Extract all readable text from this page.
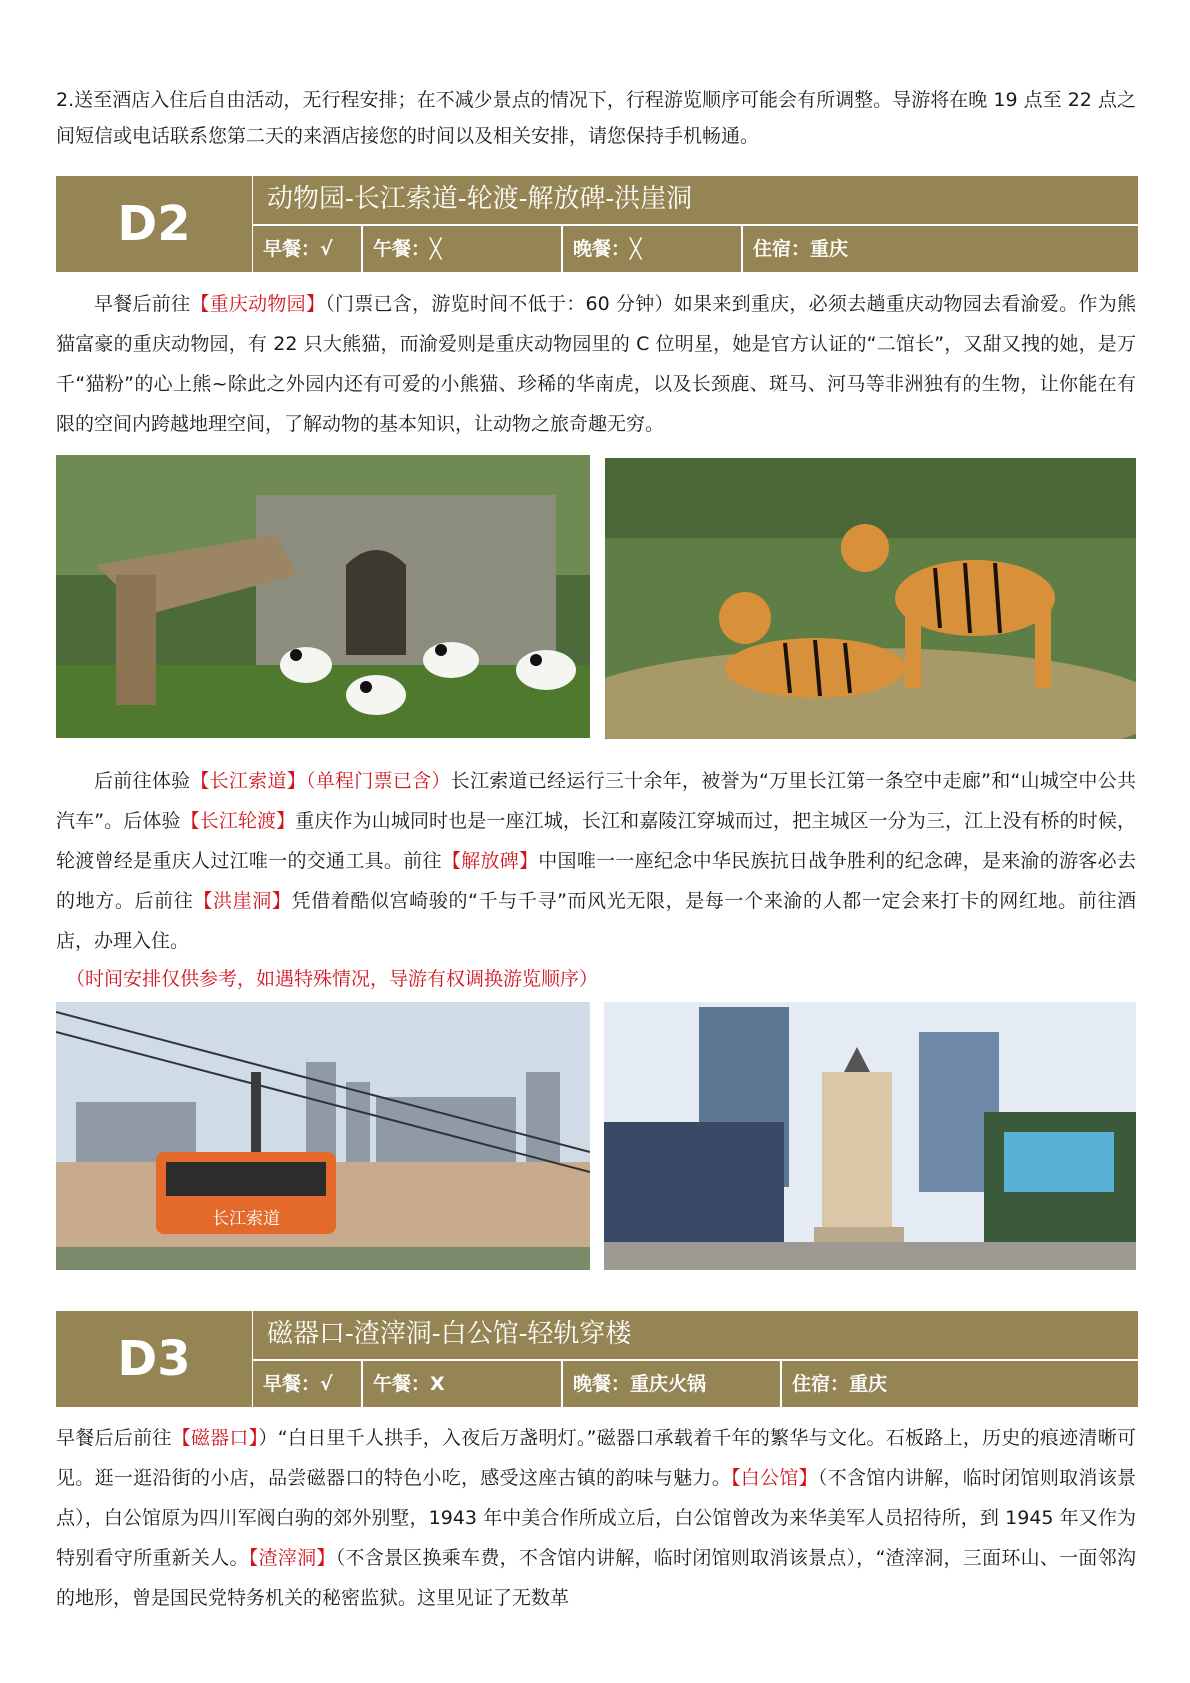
2.送至酒店入住后自由活动，无行程安排；在不减少景点的情况下，行程游览顺序可能会有所调整。导游将在晚 19 点至 22 点之间短信或电话联系您第二天的来酒店接您的时间以及相关安排，请您保持手机畅通。

D2	动物园-长江索道-轮渡-解放碑-洪崖洞
早餐：√	午餐：╳	晚餐：╳	住宿：重庆

早餐后前往【重庆动物园】（门票已含，游览时间不低于：60 分钟）如果来到重庆，必须去趟重庆动物园去看渝爱。作为熊猫富豪的重庆动物园，有 22 只大熊猫，而渝爱则是重庆动物园里的 C 位明星，她是官方认证的“二馆长”，又甜又拽的她，是万千“猫粉”的心上熊~除此之外园内还有可爱的小熊猫、珍稀的华南虎，以及长颈鹿、斑马、河马等非洲独有的生物，让你能在有限的空间内跨越地理空间，了解动物的基本知识，让动物之旅奇趣无穷。

后前往体验【长江索道】（单程门票已含）长江索道已经运行三十余年，被誉为“万里长江第一条空中走廊”和“山城空中公共汽车”。后体验【长江轮渡】重庆作为山城同时也是一座江城，长江和嘉陵江穿城而过，把主城区一分为三，江上没有桥的时候，轮渡曾经是重庆人过江唯一的交通工具。前往【解放碑】中国唯一一座纪念中华民族抗日战争胜利的纪念碑，是来渝的游客必去的地方。后前往【洪崖洞】凭借着酷似宫崎骏的“千与千寻”而风光无限，是每一个来渝的人都一定会来打卡的网红地。前往酒店，办理入住。

（时间安排仅供参考，如遇特殊情况，导游有权调换游览顺序）
长江索道
D3	磁器口-渣滓洞-白公馆-轻轨穿楼
早餐：√	午餐：X	晚餐：重庆火锅	住宿：重庆

早餐后后前往【磁器口】）“白日里千人拱手，入夜后万盏明灯。”磁器口承载着千年的繁华与文化。石板路上，历史的痕迹清晰可见。逛一逛沿街的小店，品尝磁器口的特色小吃，感受这座古镇的韵味与魅力。【白公馆】（不含馆内讲解，临时闭馆则取消该景点），白公馆原为四川军阀白驹的郊外别墅，1943 年中美合作所成立后，白公馆曾改为来华美军人员招待所，到 1945 年又作为特别看守所重新关人。【渣滓洞】（不含景区换乘车费，不含馆内讲解，临时闭馆则取消该景点），“渣滓洞，三面环山、一面邻沟的地形，曾是国民党特务机关的秘密监狱。这里见证了无数革
